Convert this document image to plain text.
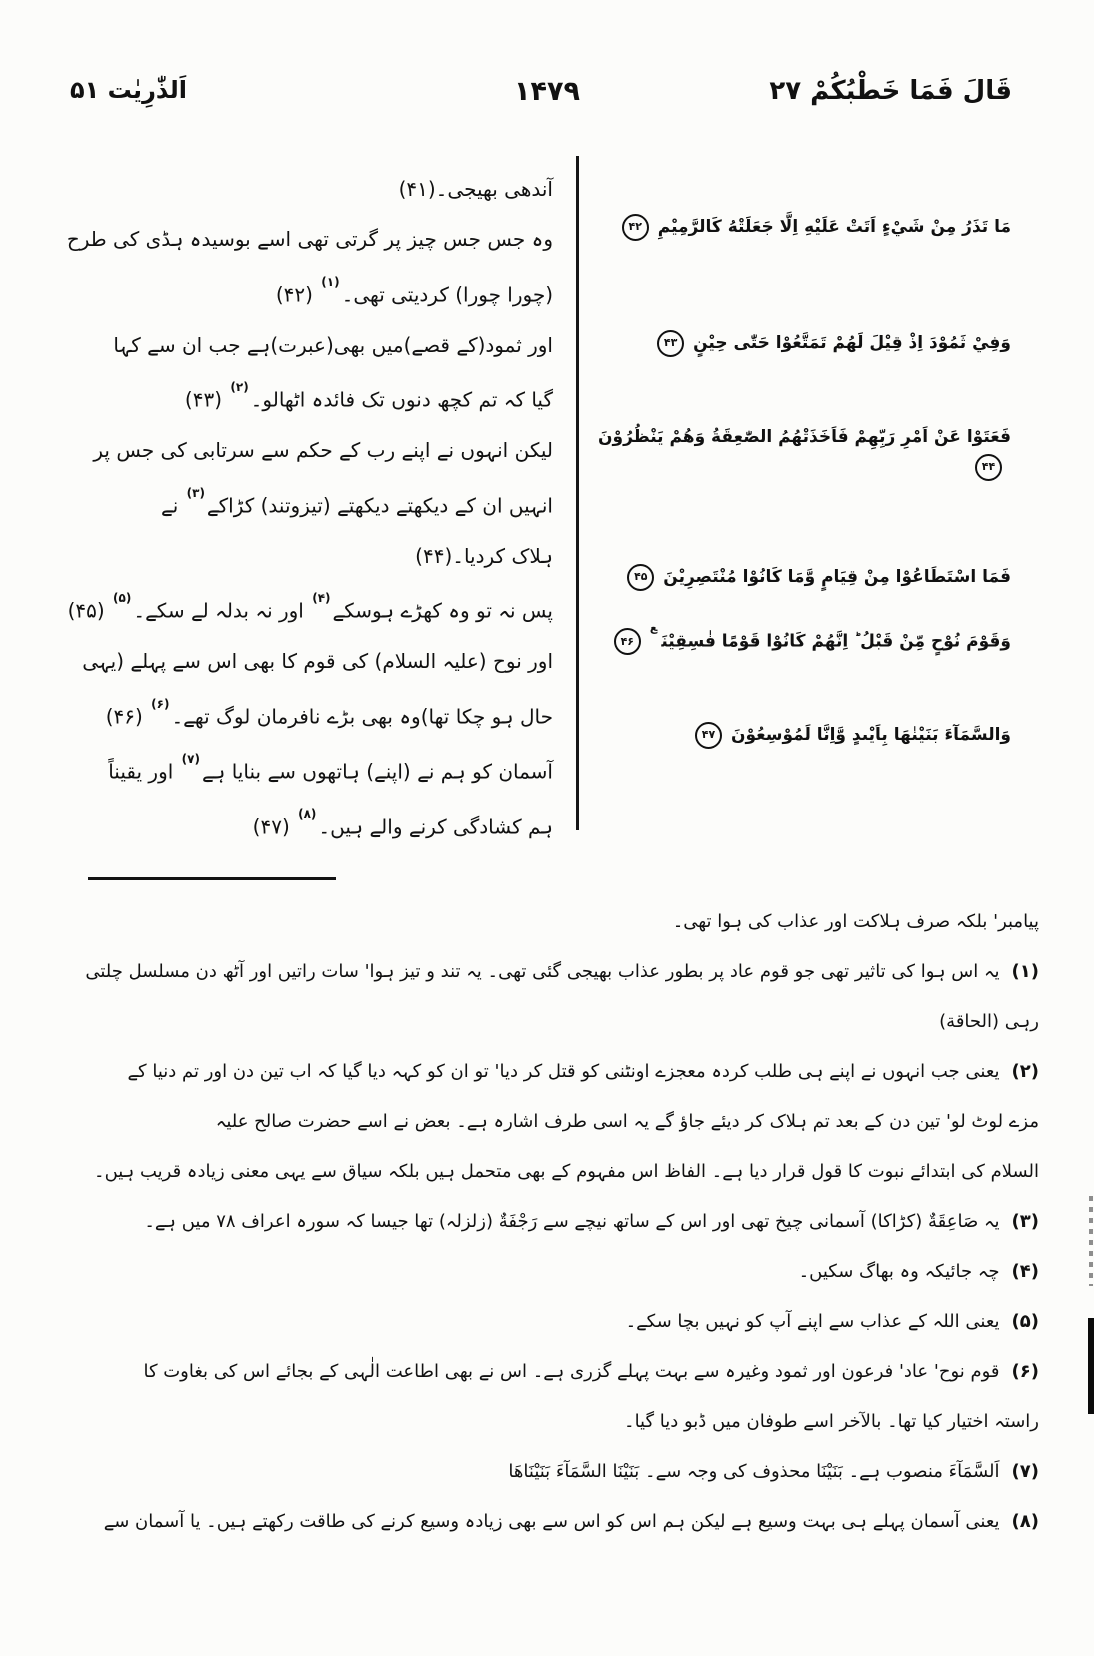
قَالَ فَمَا خَطْبُكُمْ ۲۷
۱۴۷۹
اَلذّٰرِيٰت ۵۱
آندھی بھیجی۔(۴۱)
وہ جس جس چیز پر گرتی تھی اسے بوسیدہ ہڈی کی طرح
(چورا چورا) کردیتی تھی۔$^{(۱)}$ (۴۲)
اور ثمود(کے قصے)میں بھی(عبرت)ہے جب ان سے کہا
گیا کہ تم کچھ دنوں تک فائدہ اٹھالو۔$^{(۲)}$ (۴۳)
لیکن انہوں نے اپنے رب کے حکم سے سرتابی کی جس پر
انہیں ان کے دیکھتے دیکھتے (تیزوتند) کڑاکے$^{(۳)}$ نے
ہلاک کردیا۔(۴۴)
پس نہ تو وہ کھڑے ہوسکے$^{(۴)}$ اور نہ بدلہ لے سکے۔$^{(۵)}$ (۴۵)
اور نوح (علیہ السلام) کی قوم کا بھی اس سے پہلے (یہی
حال ہو چکا تھا)وہ بھی بڑے نافرمان لوگ تھے۔$^{(۶)}$ (۴۶)
آسمان کو ہم نے (اپنے) ہاتھوں سے بنایا ہے$^{(۷)}$ اور یقیناً
ہم کشادگی کرنے والے ہیں۔$^{(۸)}$ (۴۷)
مَا تَذَرُ مِنْ شَيْءٍ اَتَتْ عَلَيْهِ اِلَّا جَعَلَتْهُ كَالرَّمِيْمِ۴۲
وَفِيْ ثَمُوْدَ اِذْ قِيْلَ لَهُمْ تَمَتَّعُوْا حَتّٰى حِيْنٍ۴۳
فَعَتَوْا عَنْ اَمْرِ رَبِّهِمْ فَاَخَذَتْهُمُ الصّٰعِقَةُ وَهُمْ يَنْظُرُوْنَ۴۴
فَمَا اسْتَطَاعُوْا مِنْ قِيَامٍ وَّمَا كَانُوْا مُنْتَصِرِيْنَ۴۵
وَقَوْمَ نُوْحٍ مِّنْ قَبْلُ ؕ اِنَّهُمْ كَانُوْا قَوْمًا فٰسِقِيْنَ$^ع$۴۶
وَالسَّمَآءَ بَنَيْنٰهَا بِاَيْىدٍ وَّاِنَّا لَمُوْسِعُوْنَ۴۷
پیامبر' بلکہ صرف ہلاکت اور عذاب کی ہوا تھی۔
(۱)یہ اس ہوا کی تاثیر تھی جو قوم عاد پر بطور عذاب بھیجی گئی تھی۔ یہ تند و تیز ہوا' سات راتیں اور آٹھ دن مسلسل چلتی
رہی (الحاقة)
(۲)یعنی جب انہوں نے اپنے ہی طلب کردہ معجزے اونٹنی کو قتل کر دیا' تو ان کو کہہ دیا گیا کہ اب تین دن اور تم دنیا کے
مزے لوٹ لو' تین دن کے بعد تم ہلاک کر دیئے جاؤ گے یہ اسی طرف اشارہ ہے۔ بعض نے اسے حضرت صالح علیہ
السلام کی ابتدائے نبوت کا قول قرار دیا ہے۔ الفاظ اس مفہوم کے بھی متحمل ہیں بلکہ سیاق سے یہی معنی زیادہ قریب ہیں۔
(۳)یہ صَاعِقَةٌ (کڑاکا) آسمانی چیخ تھی اور اس کے ساتھ نیچے سے رَجْفَةٌ (زلزلہ) تھا جیسا کہ سورہ اعراف ۷۸ میں ہے۔
(۴)چہ جائیکہ وہ بھاگ سکیں۔
(۵)یعنی اللہ کے عذاب سے اپنے آپ کو نہیں بچا سکے۔
(۶)قوم نوح' عاد' فرعون اور ثمود وغیرہ سے بہت پہلے گزری ہے۔ اس نے بھی اطاعت الٰہی کے بجائے اس کی بغاوت کا
راستہ اختیار کیا تھا۔ بالآخر اسے طوفان میں ڈبو دیا گیا۔
(۷)اَلسَّمَآءَ منصوب ہے۔ بَنَيْنَا محذوف کی وجہ سے۔ بَنَيْنَا السَّمَآءَ بَنَيْنَاهَا
(۸)یعنی آسمان پہلے ہی بہت وسیع ہے لیکن ہم اس کو اس سے بھی زیادہ وسیع کرنے کی طاقت رکھتے ہیں۔ یا آسمان سے
